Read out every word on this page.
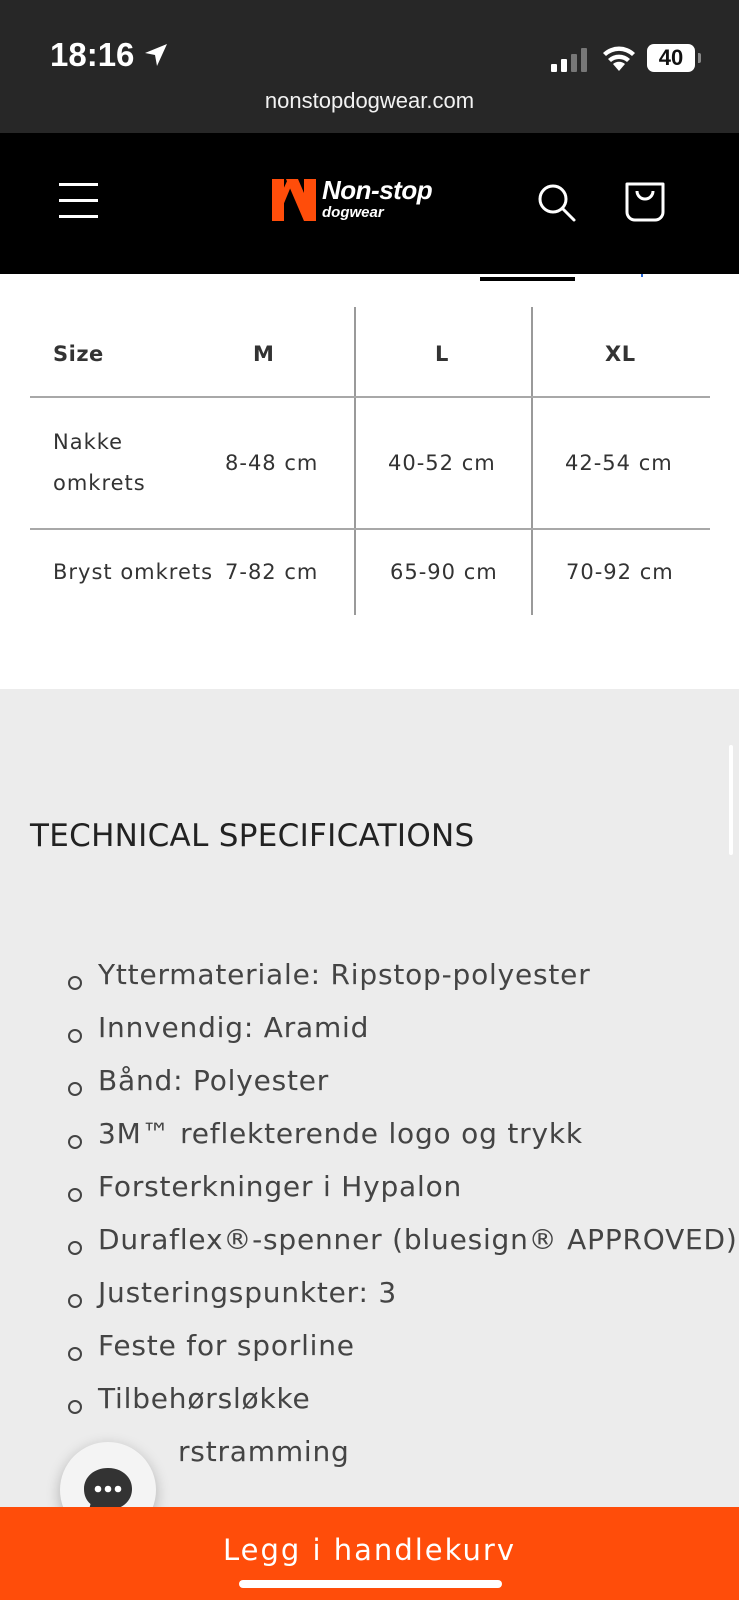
18:16	40
nonstopdogwear.com
Non-stop
dogwear
Size	M	L	XL
Nakke
omkrets
8-48 cm	40-52 cm	42-54 cm
Bryst omkrets 7-82 cm	65-90 cm	70-92 cm
TECHNICAL SPECIFICATIONS
Yttermateriale: Ripstop-polyester
Innvendig: Aramid
Bånd: Polyester
3M™ reflekterende logo og trykk
Forsterkninger i Hypalon
Duraflex®-spenner (bluesign® APPROVED)
Justeringspunkter: 3
Feste for sporline
Tilbehørsløkke
rstramming
Legg i handlekurv
